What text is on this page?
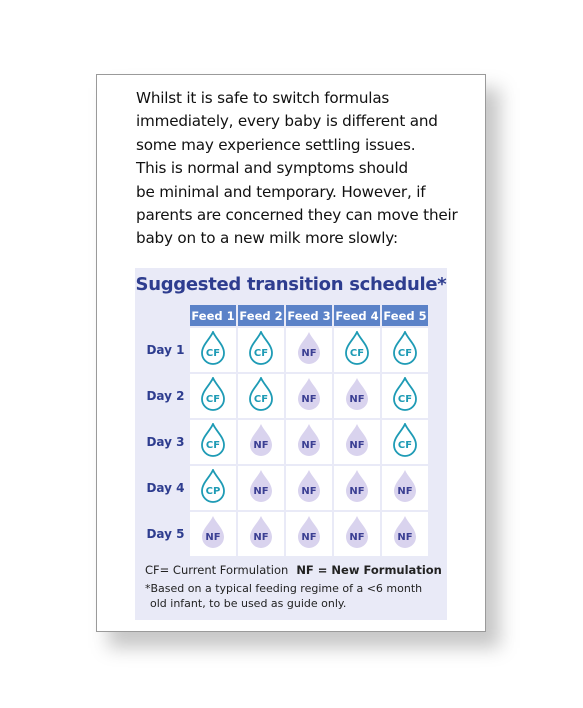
Whilst it is safe to switch formulas
immediately, every baby is different and
some may experience settling issues.
This is normal and symptoms should
be minimal and temporary. However, if
parents are concerned they can move their
baby on to a new milk more slowly:
Suggested transition schedule*
	Feed 1	Feed 2	Feed 3	Feed 4	Feed 5
Day 1	CF	CF	NF	CF	CF

Day 2	CF	CF	NF	NF	CF

Day 3	CF	NF	NF	NF	CF

Day 4	CP	NF	NF	NF	NF

Day 5	NF	NF	NF	NF	NF
CF= Current Formulation NF = New Formulation
*Based on a typical feeding regime of a <6 month
old infant, to be used as guide only.
